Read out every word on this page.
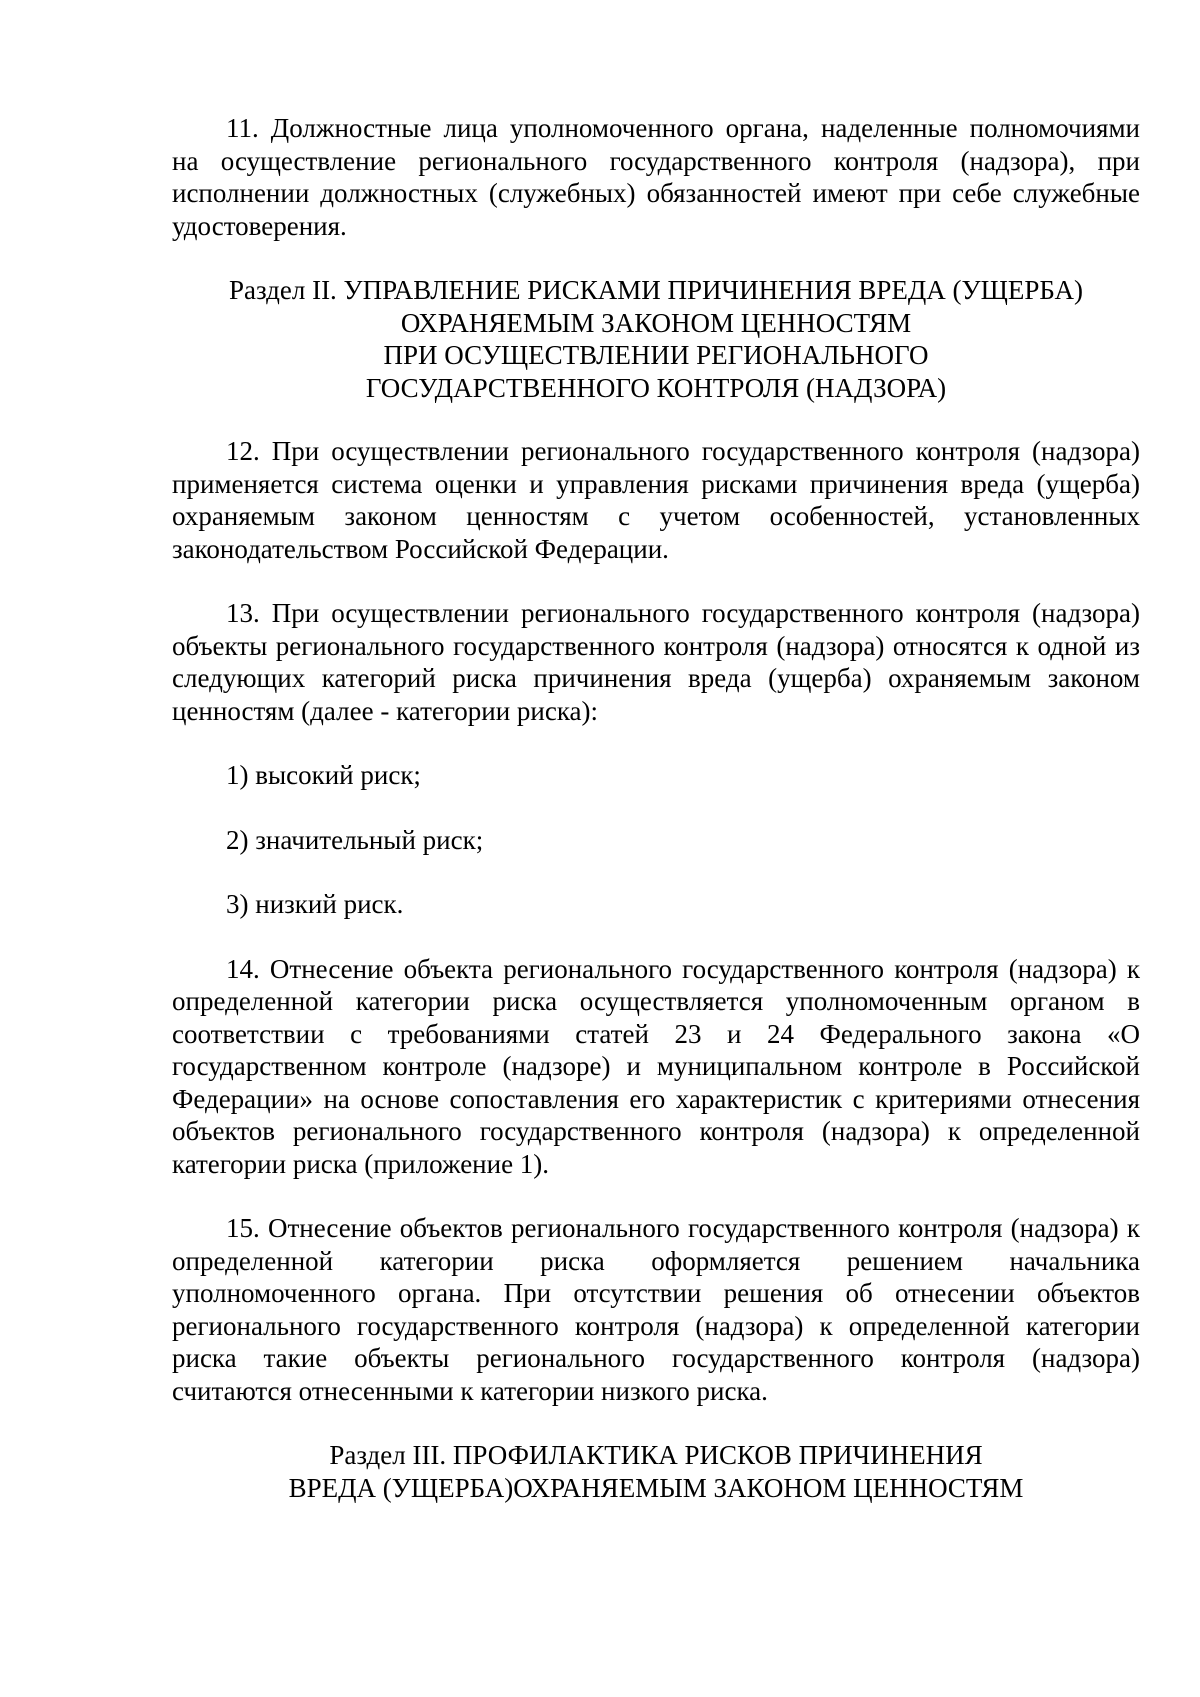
11. Должностные лица уполномоченного органа, наделенные полномочиями на осуществление регионального государственного контроля (надзора), при исполнении должностных (служебных) обязанностей имеют при себе служебные удостоверения.

Раздел II. УПРАВЛЕНИЕ РИСКАМИ ПРИЧИНЕНИЯ ВРЕДА (УЩЕРБА)
ОХРАНЯЕМЫМ ЗАКОНОМ ЦЕННОСТЯМ
ПРИ ОСУЩЕСТВЛЕНИИ РЕГИОНАЛЬНОГО
ГОСУДАРСТВЕННОГО КОНТРОЛЯ (НАДЗОРА)

12. При осуществлении регионального государственного контроля (надзора) применяется система оценки и управления рисками причинения вреда (ущерба) охраняемым законом ценностям с учетом особенностей, установленных законодательством Российской Федерации.

13. При осуществлении регионального государственного контроля (надзора) объекты регионального государственного контроля (надзора) относятся к одной из следующих категорий риска причинения вреда (ущерба) охраняемым законом ценностям (далее - категории риска):

1) высокий риск;

2) значительный риск;

3) низкий риск.

14. Отнесение объекта регионального государственного контроля (надзора) к определенной категории риска осуществляется уполномоченным органом в соответствии с требованиями статей 23 и 24 Федерального закона «О государственном контроле (надзоре) и муниципальном контроле в Российской Федерации» на основе сопоставления его характеристик с критериями отнесения объектов регионального государственного контроля (надзора) к определенной категории риска (приложение 1).

15. Отнесение объектов регионального государственного контроля (надзора) к определенной категории риска оформляется решением начальника уполномоченного органа. При отсутствии решения об отнесении объектов регионального государственного контроля (надзора) к определенной категории риска такие объекты регионального государственного контроля (надзора) считаются отнесенными к категории низкого риска.

Раздел III. ПРОФИЛАКТИКА РИСКОВ ПРИЧИНЕНИЯ
ВРЕДА (УЩЕРБА)ОХРАНЯЕМЫМ ЗАКОНОМ ЦЕННОСТЯМ
